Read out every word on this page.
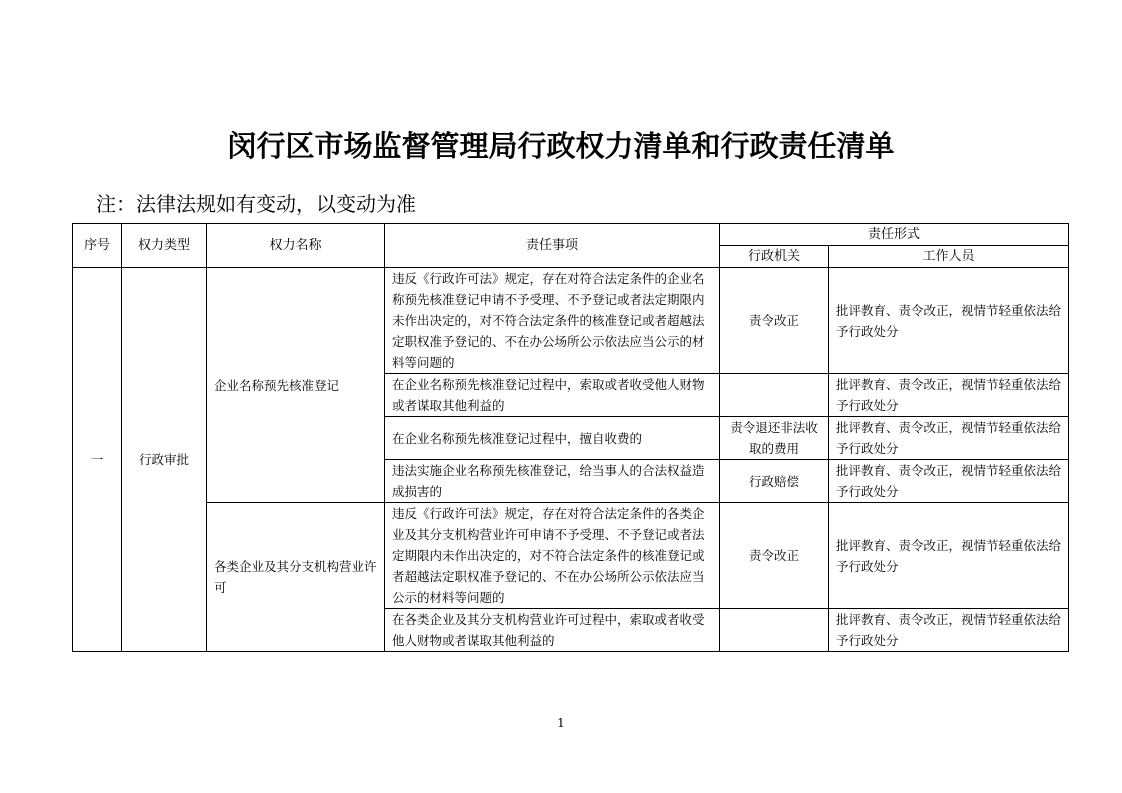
闵行区市场监督管理局行政权力清单和行政责任清单
注：法律法规如有变动，以变动为准
序号	权力类型	权力名称	责任事项	责任形式	
				行政机关	工作人员
一	行政审批	企业名称预先核准登记	违反《行政许可法》规定，存在对符合法定条件的企业名称预先核准登记申请不予受理、不予登记或者法定期限内未作出决定的，对不符合法定条件的核准登记或者超越法定职权准予登记的、不在办公场所公示依法应当公示的材料等问题的	责令改正	批评教育、责令改正，视情节轻重依法给予行政处分
			在企业名称预先核准登记过程中，索取或者收受他人财物或者谋取其他利益的		批评教育、责令改正，视情节轻重依法给予行政处分
			在企业名称预先核准登记过程中，擅自收费的	责令退还非法收取的费用	批评教育、责令改正，视情节轻重依法给予行政处分
			违法实施企业名称预先核准登记，给当事人的合法权益造成损害的	行政赔偿	批评教育、责令改正，视情节轻重依法给予行政处分
		各类企业及其分支机构营业许可	违反《行政许可法》规定，存在对符合法定条件的各类企业及其分支机构营业许可申请不予受理、不予登记或者法定期限内未作出决定的，对不符合法定条件的核准登记或者超越法定职权准予登记的、不在办公场所公示依法应当公示的材料等问题的	责令改正	批评教育、责令改正，视情节轻重依法给予行政处分
			在各类企业及其分支机构营业许可过程中，索取或者收受他人财物或者谋取其他利益的		批评教育、责令改正，视情节轻重依法给予行政处分
1
